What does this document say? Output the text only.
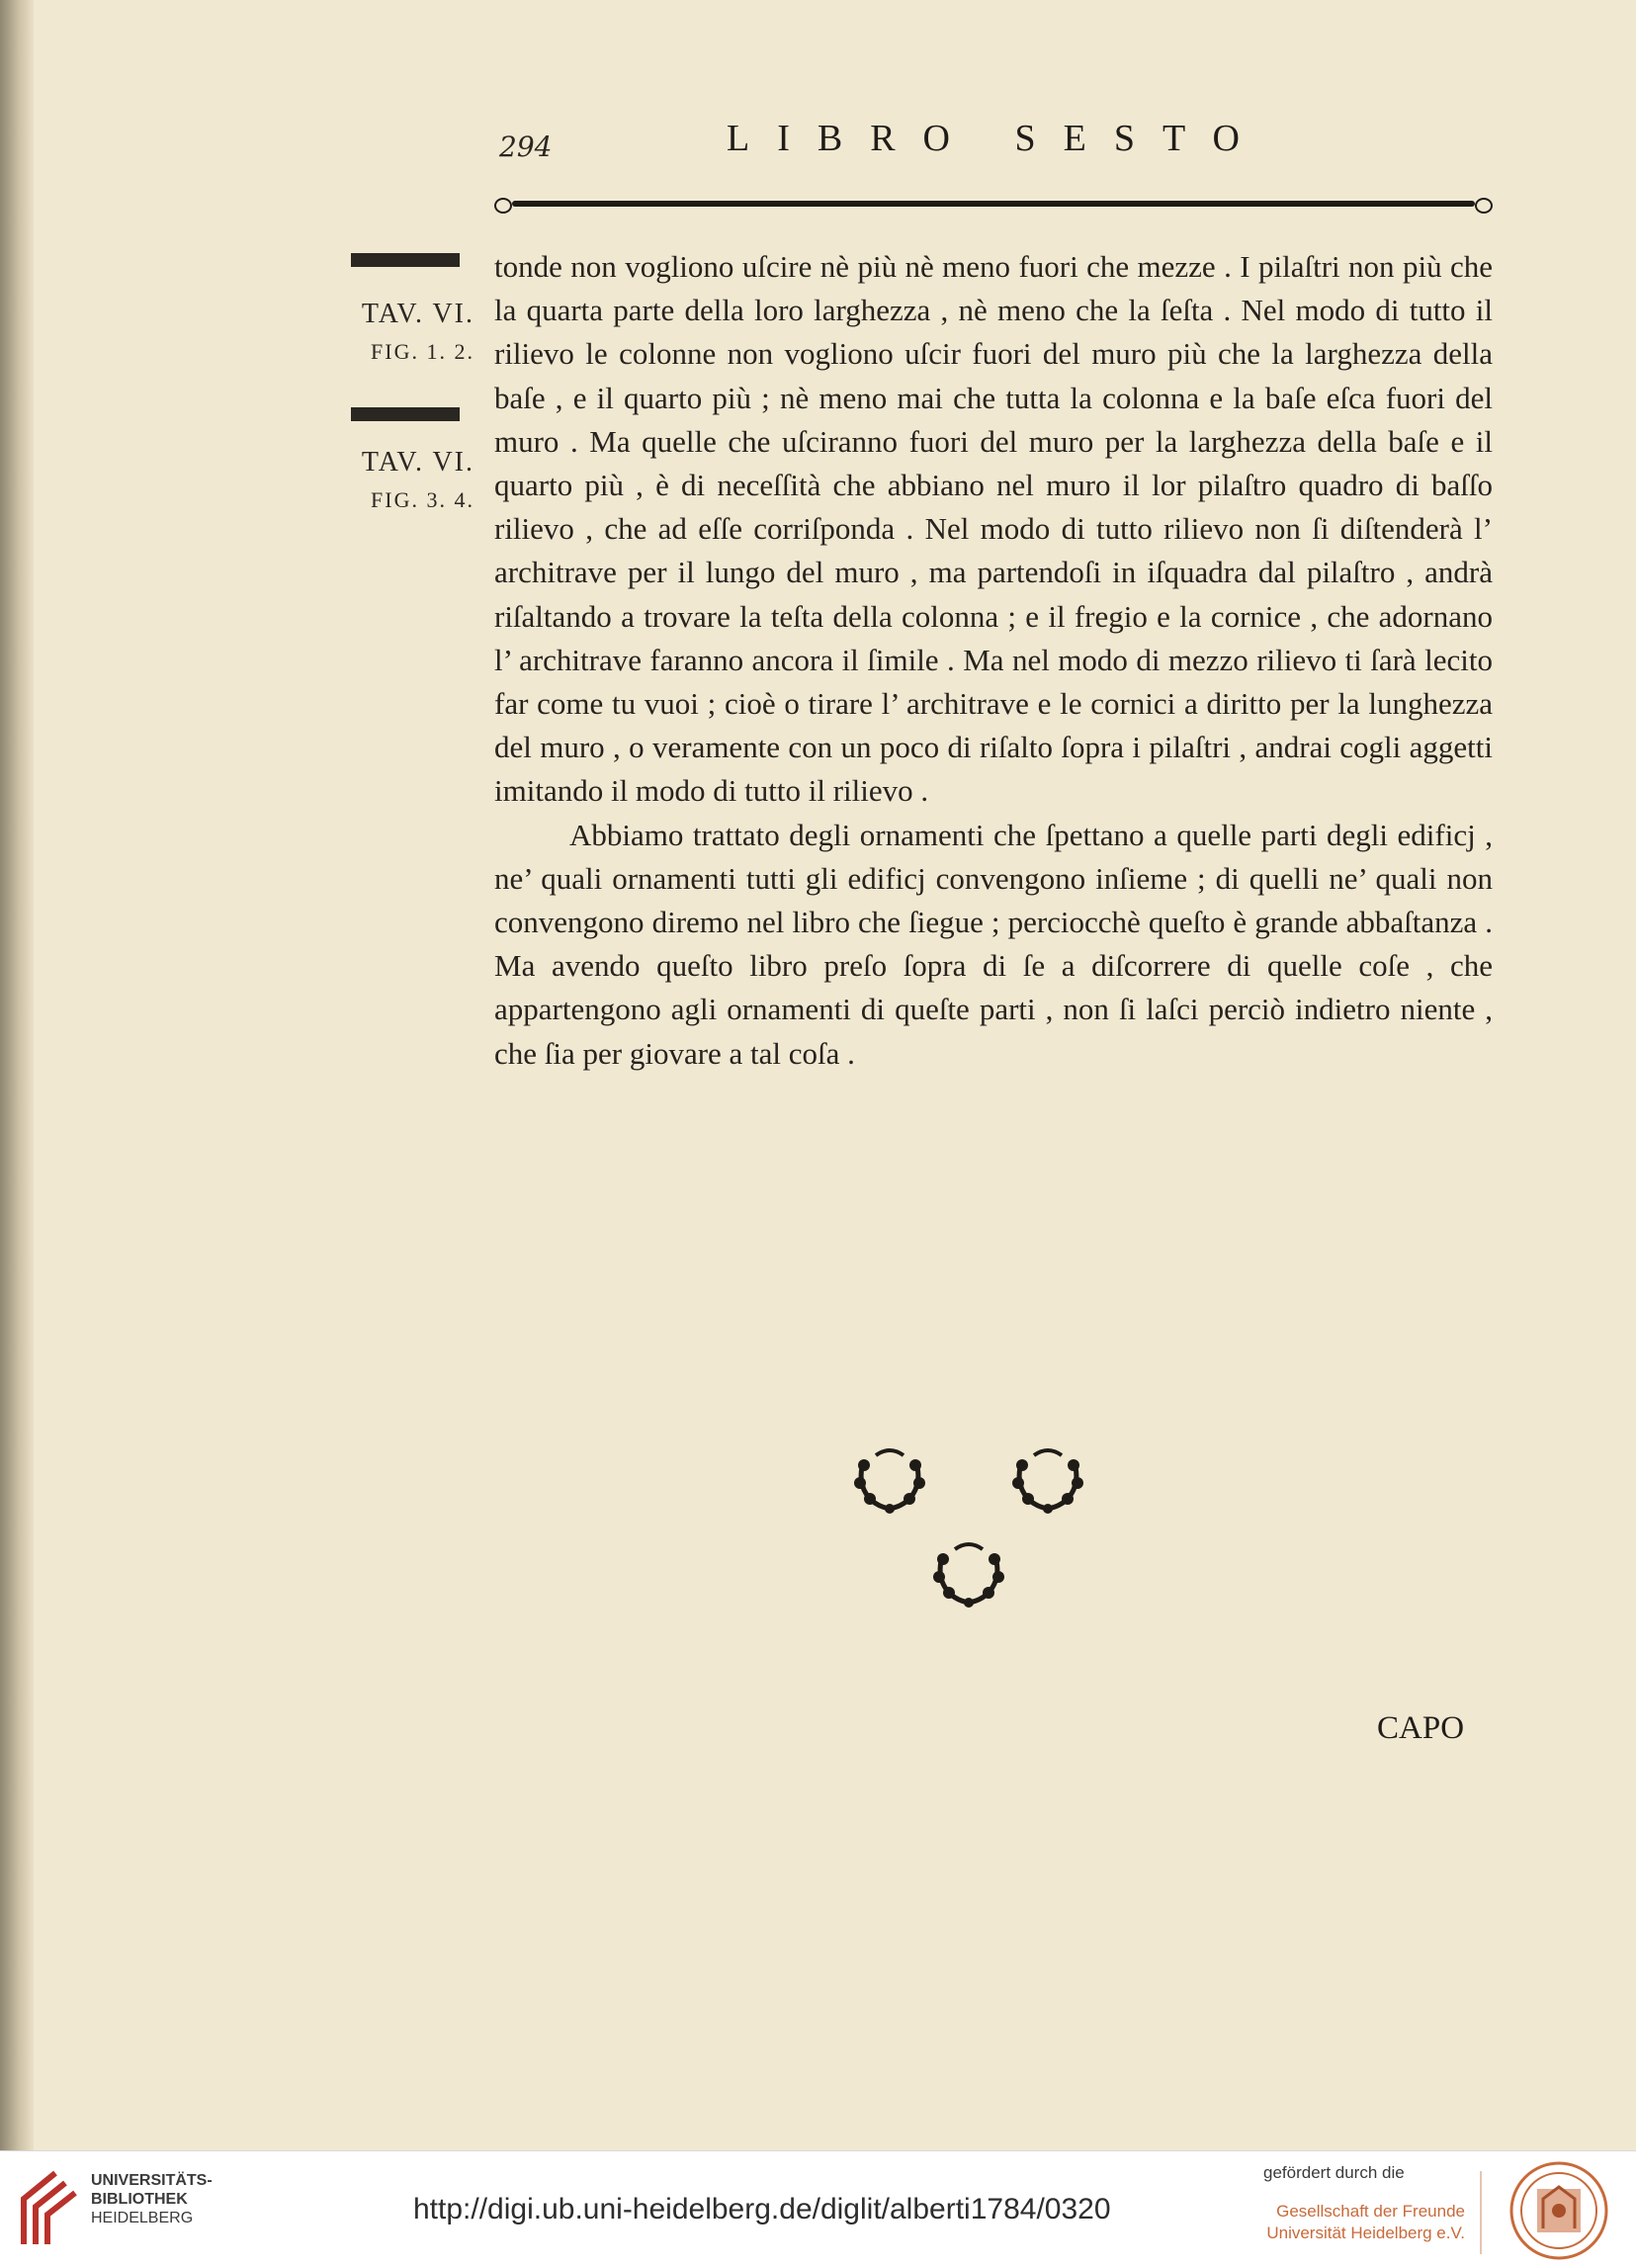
294	LIBRO SESTO
TAV. VI.
FIG. 1. 2.
TAV. VI.
FIG. 3. 4.

tonde non vogliono uſcire nè più nè meno fuori che mezze . I pilaſtri non più che la quarta parte della loro larghezza , nè meno che la ſeſta . Nel modo di tutto il rilievo le colonne non vogliono uſcir fuori del muro più che la larghezza della baſe , e il quarto più ; nè meno mai che tutta la colonna e la baſe eſca fuori del muro . Ma quelle che uſciranno fuori del muro per la larghezza della baſe e il quarto più , è di neceſſità che abbiano nel muro il lor pilaſtro quadro di baſſo rilievo , che ad eſſe corriſponda . Nel modo di tutto rilievo non ſi diſtenderà l’ architrave per il lungo del muro , ma partendoſi in iſquadra dal pilaſtro , andrà riſaltando a trovare la teſta della colonna ; e il fregio e la cornice , che adornano l’ architrave faranno ancora il ſimile . Ma nel modo di mezzo rilievo ti ſarà lecito far come tu vuoi ; cioè o tirare l’ architrave e le cornici a diritto per la lunghezza del muro , o veramente con un poco di riſalto ſopra i pilaſtri , andrai cogli aggetti imitando il modo di tutto il rilievo .

Abbiamo trattato degli ornamenti che ſpettano a quelle parti degli edificj , ne’ quali ornamenti tutti gli edificj convengono inſieme ; di quelli ne’ quali non convengono diremo nel libro che ſiegue ; perciocchè queſto è grande abbaſtanza . Ma avendo queſto libro preſo ſopra di ſe a diſcorrere di quelle coſe , che appartengono agli ornamenti di queſte parti , non ſi laſci perciò indietro niente , che ſia per giovare a tal coſa .

CAPO
UNIVERSITÄTS-
BIBLIOTHEK
HEIDELBERG	http://digi.ub.uni-heidelberg.de/diglit/alberti1784/0320
gefördert durch die
Gesellschaft der Freunde
Universität Heidelberg e.V.
